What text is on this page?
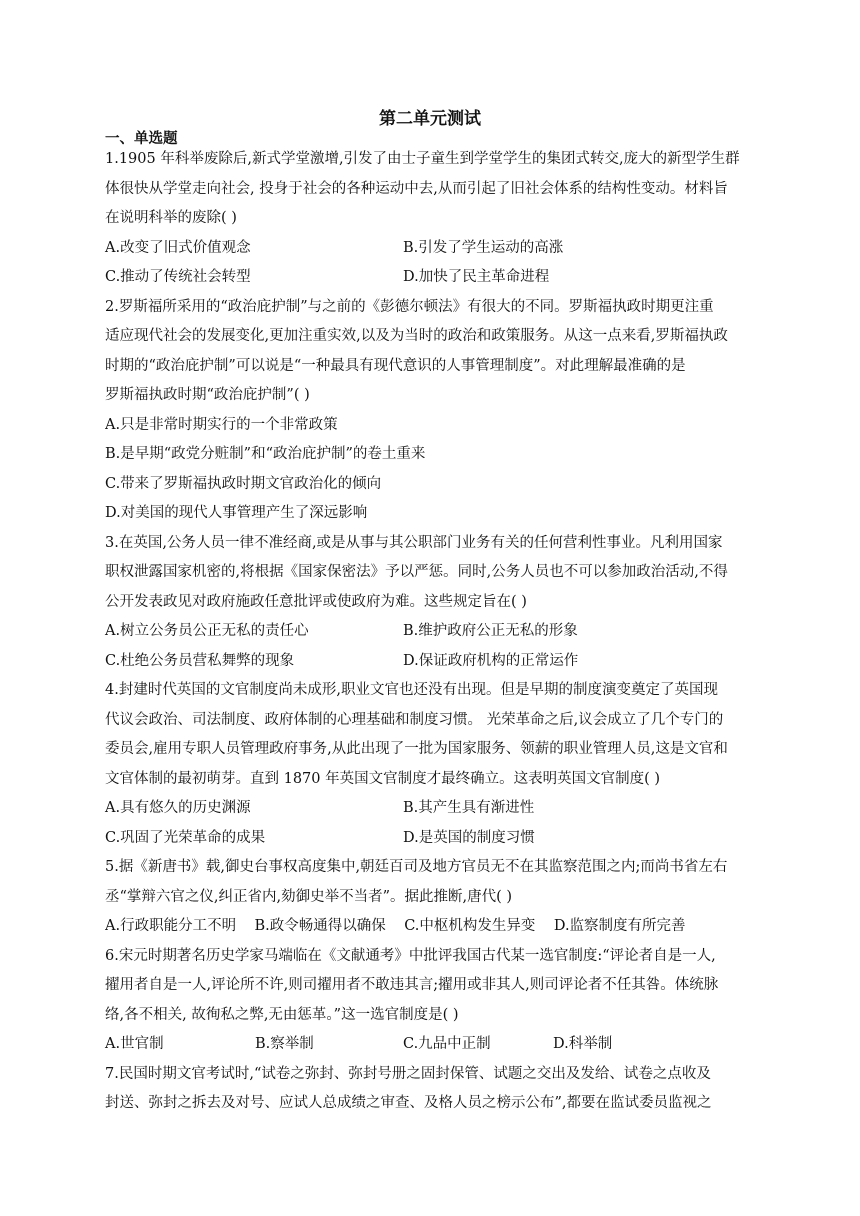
第二单元测试
一、单选题
1.1905 年科举废除后,新式学堂激增,引发了由士子童生到学堂学生的集团式转交,庞大的新型学生群
体很快从学堂走向社会, 投身于社会的各种运动中去,从而引起了旧社会体系的结构性变动。材料旨
在说明科举的废除( )
A.改变了旧式价值观念	B.引发了学生运动的高涨
C.推动了传统社会转型	D.加快了民主革命进程
2.罗斯福所采用的“政治庇护制”与之前的《彭德尔顿法》有很大的不同。罗斯福执政时期更注重
适应现代社会的发展变化,更加注重实效,以及为当时的政治和政策服务。从这一点来看,罗斯福执政
时期的“政治庇护制”可以说是“一种最具有现代意识的人事管理制度”。对此理解最准确的是
罗斯福执政时期“政治庇护制”( )
A.只是非常时期实行的一个非常政策
B.是早期“政党分赃制”和“政治庇护制”的卷土重来
C.带来了罗斯福执政时期文官政治化的倾向
D.对美国的现代人事管理产生了深远影响
3.在英国,公务人员一律不准经商,或是从事与其公职部门业务有关的任何营利性事业。凡利用国家
职权泄露国家机密的,将根据《国家保密法》予以严惩。同时,公务人员也不可以参加政治活动,不得
公开发表政见对政府施政任意批评或使政府为难。这些规定旨在( )
A.树立公务员公正无私的责任心	B.维护政府公正无私的形象
C.杜绝公务员营私舞弊的现象	D.保证政府机构的正常运作
4.封建时代英国的文官制度尚未成形,职业文官也还没有出现。但是早期的制度演变奠定了英国现
代议会政治、司法制度、政府体制的心理基础和制度习惯。 光荣革命之后,议会成立了几个专门的
委员会,雇用专职人员管理政府事务,从此出现了一批为国家服务、领薪的职业管理人员,这是文官和
文官体制的最初萌芽。直到 1870 年英国文官制度才最终确立。这表明英国文官制度( )
A.具有悠久的历史渊源	B.其产生具有渐进性
C.巩固了光荣革命的成果	D.是英国的制度习惯
5.据《新唐书》载,御史台事权高度集中,朝廷百司及地方官员无不在其监察范围之内;而尚书省左右
丞“掌辩六官之仪,纠正省内,劾御史举不当者”。据此推断,唐代( )
A.行政职能分工不明    B.政令畅通得以确保    C.中枢机构发生异变    D.监察制度有所完善
6.宋元时期著名历史学家马端临在《文献通考》中批评我国古代某一选官制度:“评论者自是一人,
擢用者自是一人,评论所不许,则司擢用者不敢违其言;擢用或非其人,则司评论者不任其咎。体统脉
络,各不相关, 故徇私之弊,无由惩革。”这一选官制度是( )
A.世官制	B.察举制	C.九品中正制	D.科举制
7.民国时期文官考试时,“试卷之弥封、弥封号册之固封保管、试题之交出及发给、试卷之点收及
封送、弥封之拆去及对号、应试人总成绩之审查、及格人员之榜示公布”,都要在监试委员监视之
